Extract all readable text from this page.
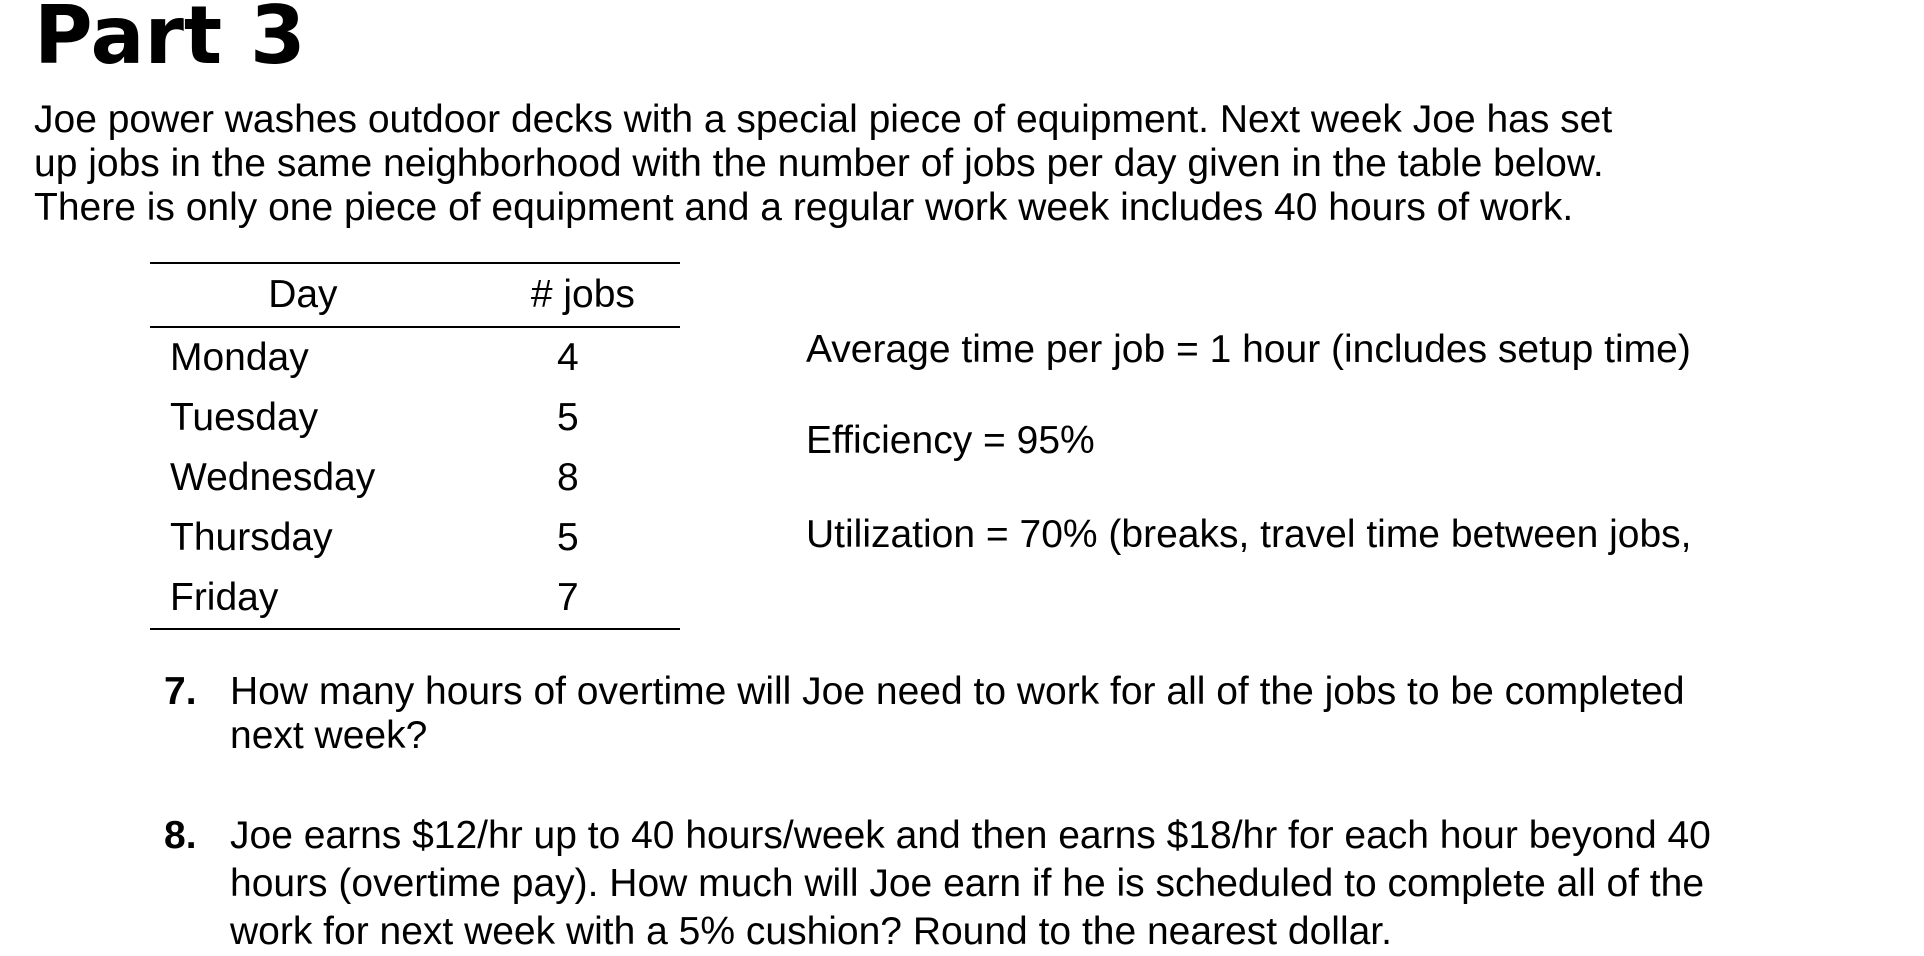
Part 3
Joe power washes outdoor decks with a special piece of equipment. Next week Joe has set
up jobs in the same neighborhood with the number of jobs per day given in the table below.
There is only one piece of equipment and a regular work week includes 40 hours of work.
Day	# jobs
Monday	4
Tuesday	5
Wednesday	8
Thursday	5
Friday	7
Average time per job = 1 hour (includes setup time)
Efficiency = 95%
Utilization = 70% (breaks, travel time between jobs,
7. How many hours of overtime will Joe need to work for all of the jobs to be completed
next week?
8. Joe earns $12/hr up to 40 hours/week and then earns $18/hr for each hour beyond 40
hours (overtime pay). How much will Joe earn if he is scheduled to complete all of the
work for next week with a 5% cushion? Round to the nearest dollar.
